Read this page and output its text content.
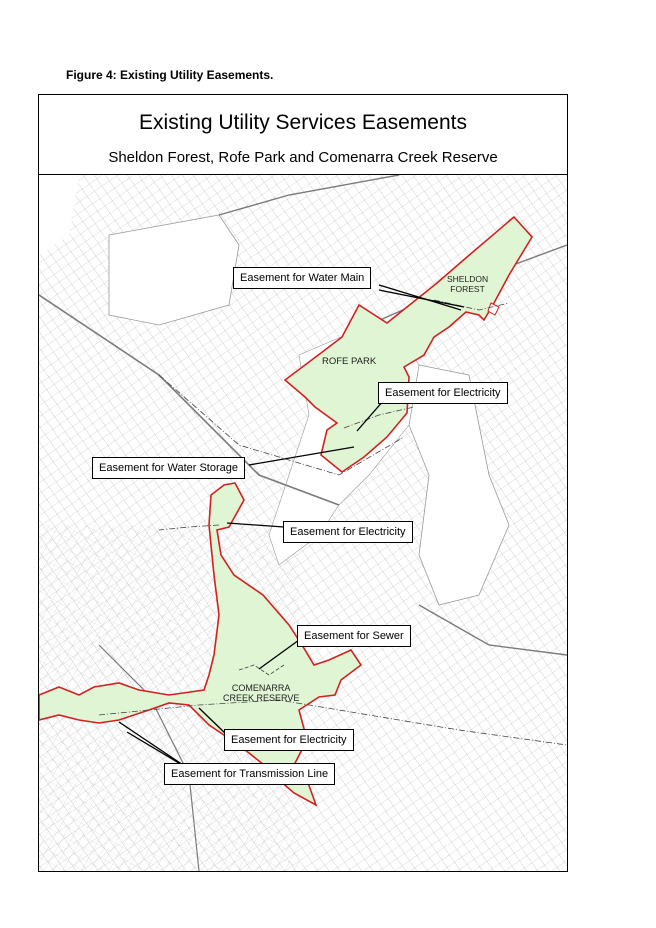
Figure 4: Existing Utility Easements.
Existing Utility Services Easements
Sheldon Forest, Rofe Park and Comenarra Creek Reserve
SHELDON
FOREST
ROFE PARK
COMENARRA
CREEK RESERVE
Easement for Water Main
Easement for Electricity
Easement for Water Storage
Easement for Electricity
Easement for Sewer
Easement for Electricity
Easement for Transmission Line
